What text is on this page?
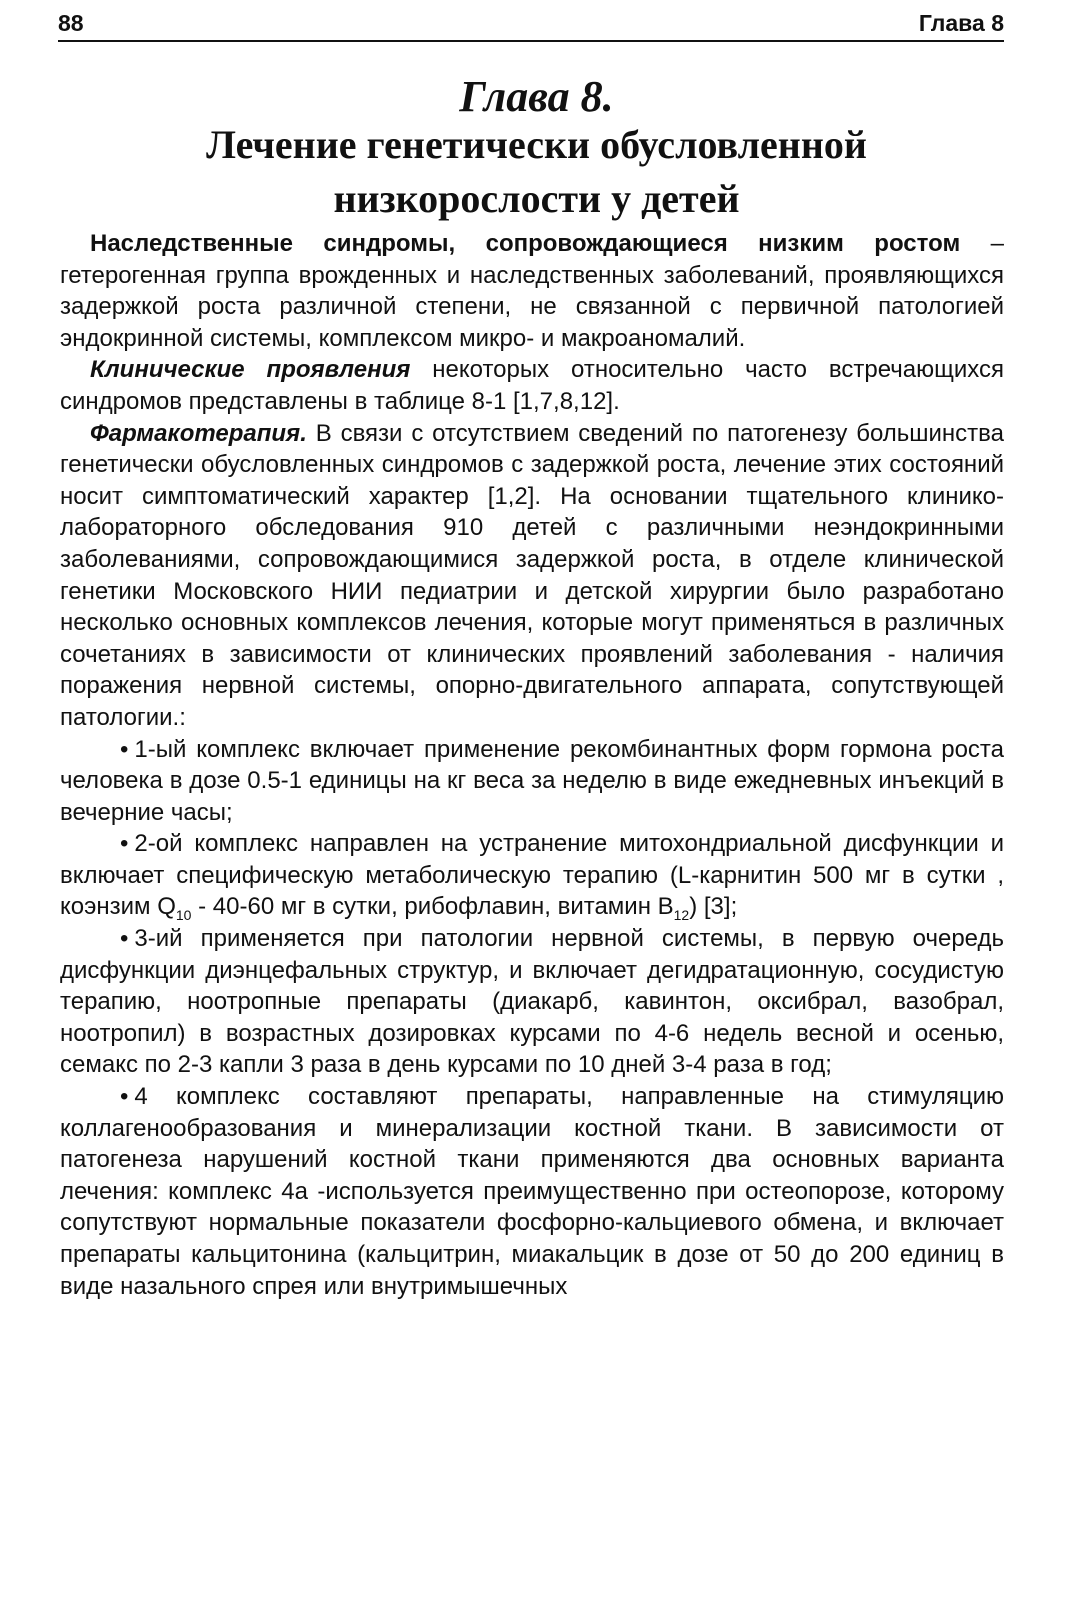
88	Глава 8
Глава 8.
Лечение генетически обусловленной низкорослости у детей

Наследственные синдромы, сопровождающиеся низким ростом – гетерогенная группа врожденных и наследственных заболеваний, проявляющихся задержкой роста различной степени, не связанной с первичной патологией эндокринной системы, комплексом микро- и макроаномалий.

Клинические проявления некоторых относительно часто встречающихся синдромов представлены в таблице 8-1 [1,7,8,12].

Фармакотерапия. В связи с отсутствием сведений по патогенезу большинства генетически обусловленных синдромов с задержкой роста, лечение этих состояний носит симптоматический характер [1,2]. На основании тщательного клинико-лабораторного обследования 910 детей с различными неэндокринными заболеваниями, сопровождающимися задержкой роста, в отделе клинической генетики Московского НИИ педиатрии и детской хирургии было разработано несколько основных комплексов лечения, которые могут применяться в различных сочетаниях в зависимости от клинических проявлений заболевания - наличия поражения нервной системы, опорно-двигательного аппарата, сопутствующей патологии.:

• 1-ый комплекс включает применение рекомбинантных форм гормона роста человека в дозе 0.5-1 единицы на кг веса за неделю в виде ежедневных инъекций в вечерние часы;

• 2-ой комплекс направлен на устранение митохондриальной дисфункции и включает специфическую метаболическую терапию (L-карнитин 500 мг в сутки , коэнзим $Q_{10} - 40-60$ мг в сутки, рибофлавин, витамин $В_{12}$) [3];

• 3-ий применяется при патологии нервной системы, в первую очередь дисфункции диэнцефальных структур, и включает дегидратационную, сосудистую терапию, ноотропные препараты (диакарб, кавинтон, оксибрал, вазобрал, ноотропил) в возрастных дозировках курсами по 4-6 недель весной и осенью, семакс по 2-3 капли 3 раза в день курсами по 10 дней 3-4 раза в год;

• 4 комплекс составляют препараты, направленные на стимуляцию коллагенообразования и минерализации костной ткани. В зависимости от патогенеза нарушений костной ткани применяются два основных варианта лечения: комплекс 4а -используется преимущественно при остеопорозе, которому сопутствуют нормальные показатели фосфорно-кальциевого обмена, и включает препараты кальцитонина (кальцитрин, миакальцик в дозе от 50 до 200 единиц в виде назального спрея или внутримышечных
